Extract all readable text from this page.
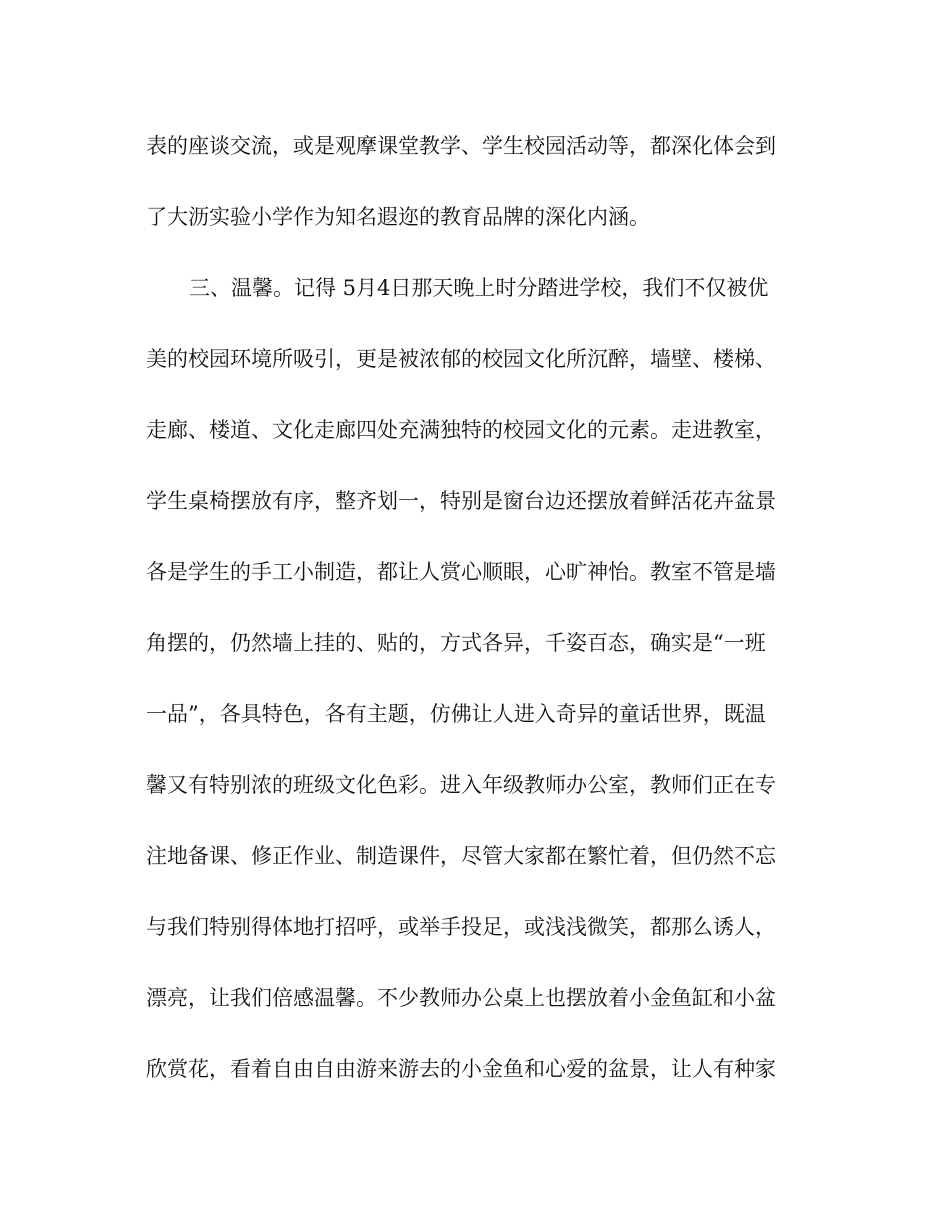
表的座谈交流，或是观摩课堂教学、学生校园活动等，都深化体会到
了大沥实验小学作为知名遐迩的教育品牌的深化内涵。
三、温馨。记得 5月4日那天晚上时分踏进学校，我们不仅被优
美的校园环境所吸引，更是被浓郁的校园文化所沉醉，墙壁、楼梯、
走廊、楼道、文化走廊四处充满独特的校园文化的元素。走进教室，
学生桌椅摆放有序，整齐划一，特别是窗台边还摆放着鲜活花卉盆景
各是学生的手工小制造，都让人赏心顺眼，心旷神怡。教室不管是墙
角摆的，仍然墙上挂的、贴的，方式各异，千姿百态，确实是“一班
一品”，各具特色，各有主题，仿佛让人进入奇异的童话世界，既温
馨又有特别浓的班级文化色彩。进入年级教师办公室，教师们正在专
注地备课、修正作业、制造课件，尽管大家都在繁忙着，但仍然不忘
与我们特别得体地打招呼，或举手投足，或浅浅微笑，都那么诱人，
漂亮，让我们倍感温馨。不少教师办公桌上也摆放着小金鱼缸和小盆
欣赏花，看着自由自由游来游去的小金鱼和心爱的盆景，让人有种家
